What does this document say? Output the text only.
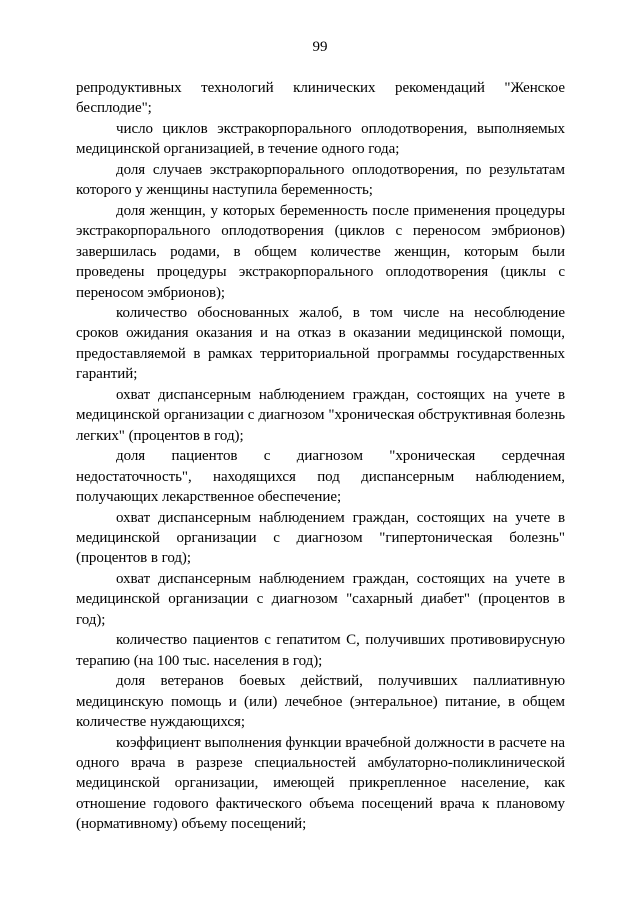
99

репродуктивных технологий клинических рекомендаций "Женское бесплодие";

число циклов экстракорпорального оплодотворения, выполняемых медицинской организацией, в течение одного года;

доля случаев экстракорпорального оплодотворения, по результатам которого у женщины наступила беременность;

доля женщин, у которых беременность после применения процедуры экстракорпорального оплодотворения (циклов с переносом эмбрионов) завершилась родами, в общем количестве женщин, которым были проведены процедуры экстракорпорального оплодотворения (циклы с переносом эмбрионов);

количество обоснованных жалоб, в том числе на несоблюдение сроков ожидания оказания и на отказ в оказании медицинской помощи, предоставляемой в рамках территориальной программы государственных гарантий;

охват диспансерным наблюдением граждан, состоящих на учете в медицинской организации с диагнозом "хроническая обструктивная болезнь легких" (процентов в год);

доля пациентов с диагнозом "хроническая сердечная недостаточность", находящихся под диспансерным наблюдением, получающих лекарственное обеспечение;

охват диспансерным наблюдением граждан, состоящих на учете в медицинской организации с диагнозом "гипертоническая болезнь" (процентов в год);

охват диспансерным наблюдением граждан, состоящих на учете в медицинской организации с диагнозом "сахарный диабет" (процентов в год);

количество пациентов с гепатитом С, получивших противовирусную терапию (на 100 тыс. населения в год);

доля ветеранов боевых действий, получивших паллиативную медицинскую помощь и (или) лечебное (энтеральное) питание, в общем количестве нуждающихся;

коэффициент выполнения функции врачебной должности в расчете на одного врача в разрезе специальностей амбулаторно-поликлинической медицинской организации, имеющей прикрепленное население, как отношение годового фактического объема посещений врача к плановому (нормативному) объему посещений;
